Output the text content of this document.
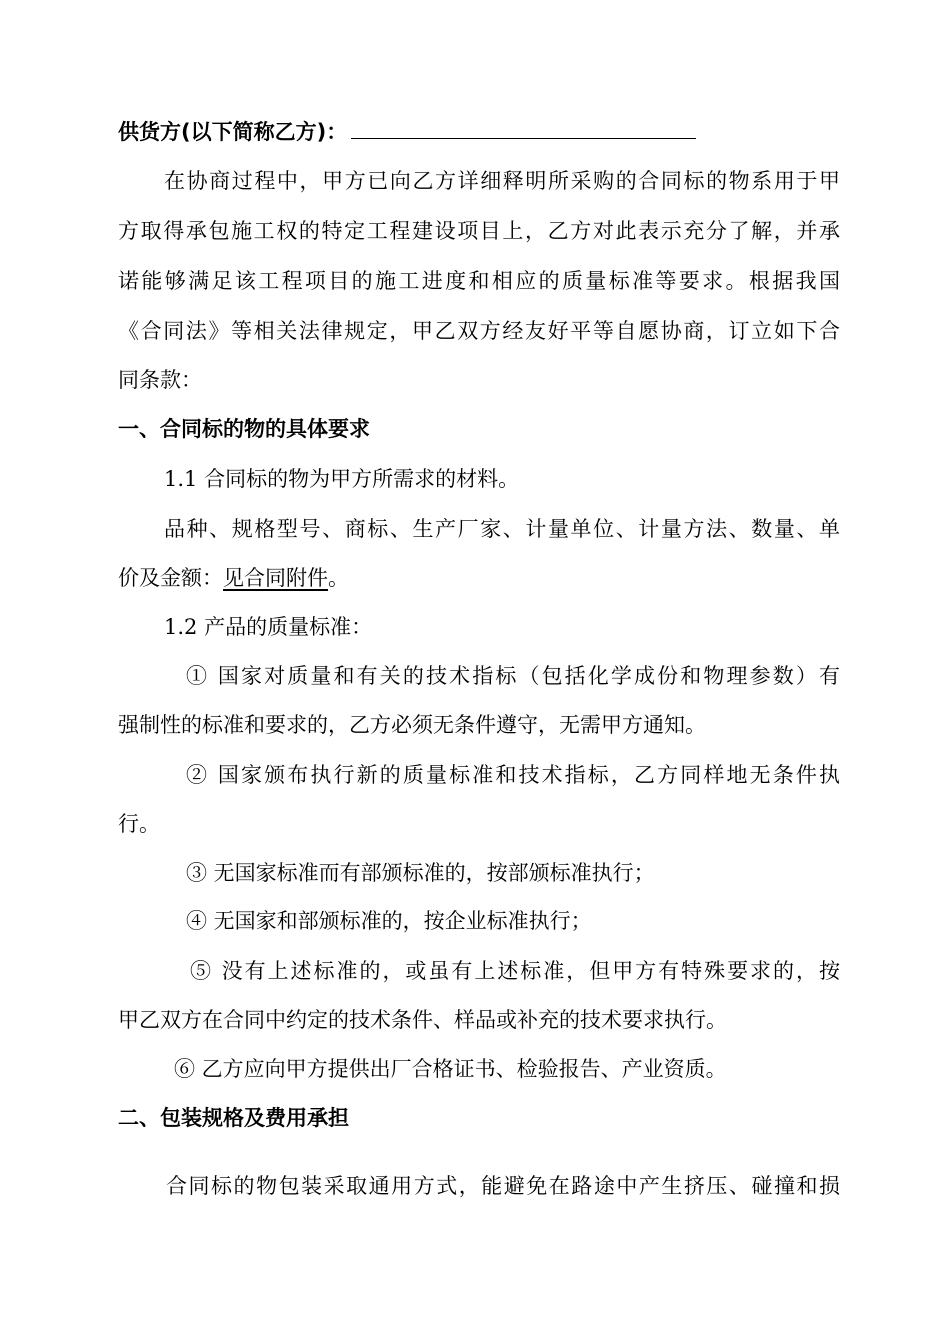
供货方(以下简称乙方)：
在协商过程中，甲方已向乙方详细释明所采购的合同标的物系用于甲
方取得承包施工权的特定工程建设项目上，乙方对此表示充分了解，并承
诺能够满足该工程项目的施工进度和相应的质量标准等要求。根据我国
《合同法》等相关法律规定，甲乙双方经友好平等自愿协商，订立如下合
同条款：
一、合同标的物的具体要求
1.1 合同标的物为甲方所需求的材料。
品种、规格型号、商标、生产厂家、计量单位、计量方法、数量、单
价及金额：见合同附件。
1.2 产品的质量标准：
① 国家对质量和有关的技术指标（包括化学成份和物理参数）有
强制性的标准和要求的，乙方必须无条件遵守，无需甲方通知。
② 国家颁布执行新的质量标准和技术指标，乙方同样地无条件执
行。
③ 无国家标准而有部颁标准的，按部颁标准执行；
④ 无国家和部颁标准的，按企业标准执行；
⑤ 没有上述标准的，或虽有上述标准，但甲方有特殊要求的，按
甲乙双方在合同中约定的技术条件、样品或补充的技术要求执行。
⑥ 乙方应向甲方提供出厂合格证书、检验报告、产业资质。
二、包装规格及费用承担
合同标的物包装采取通用方式，能避免在路途中产生挤压、碰撞和损
